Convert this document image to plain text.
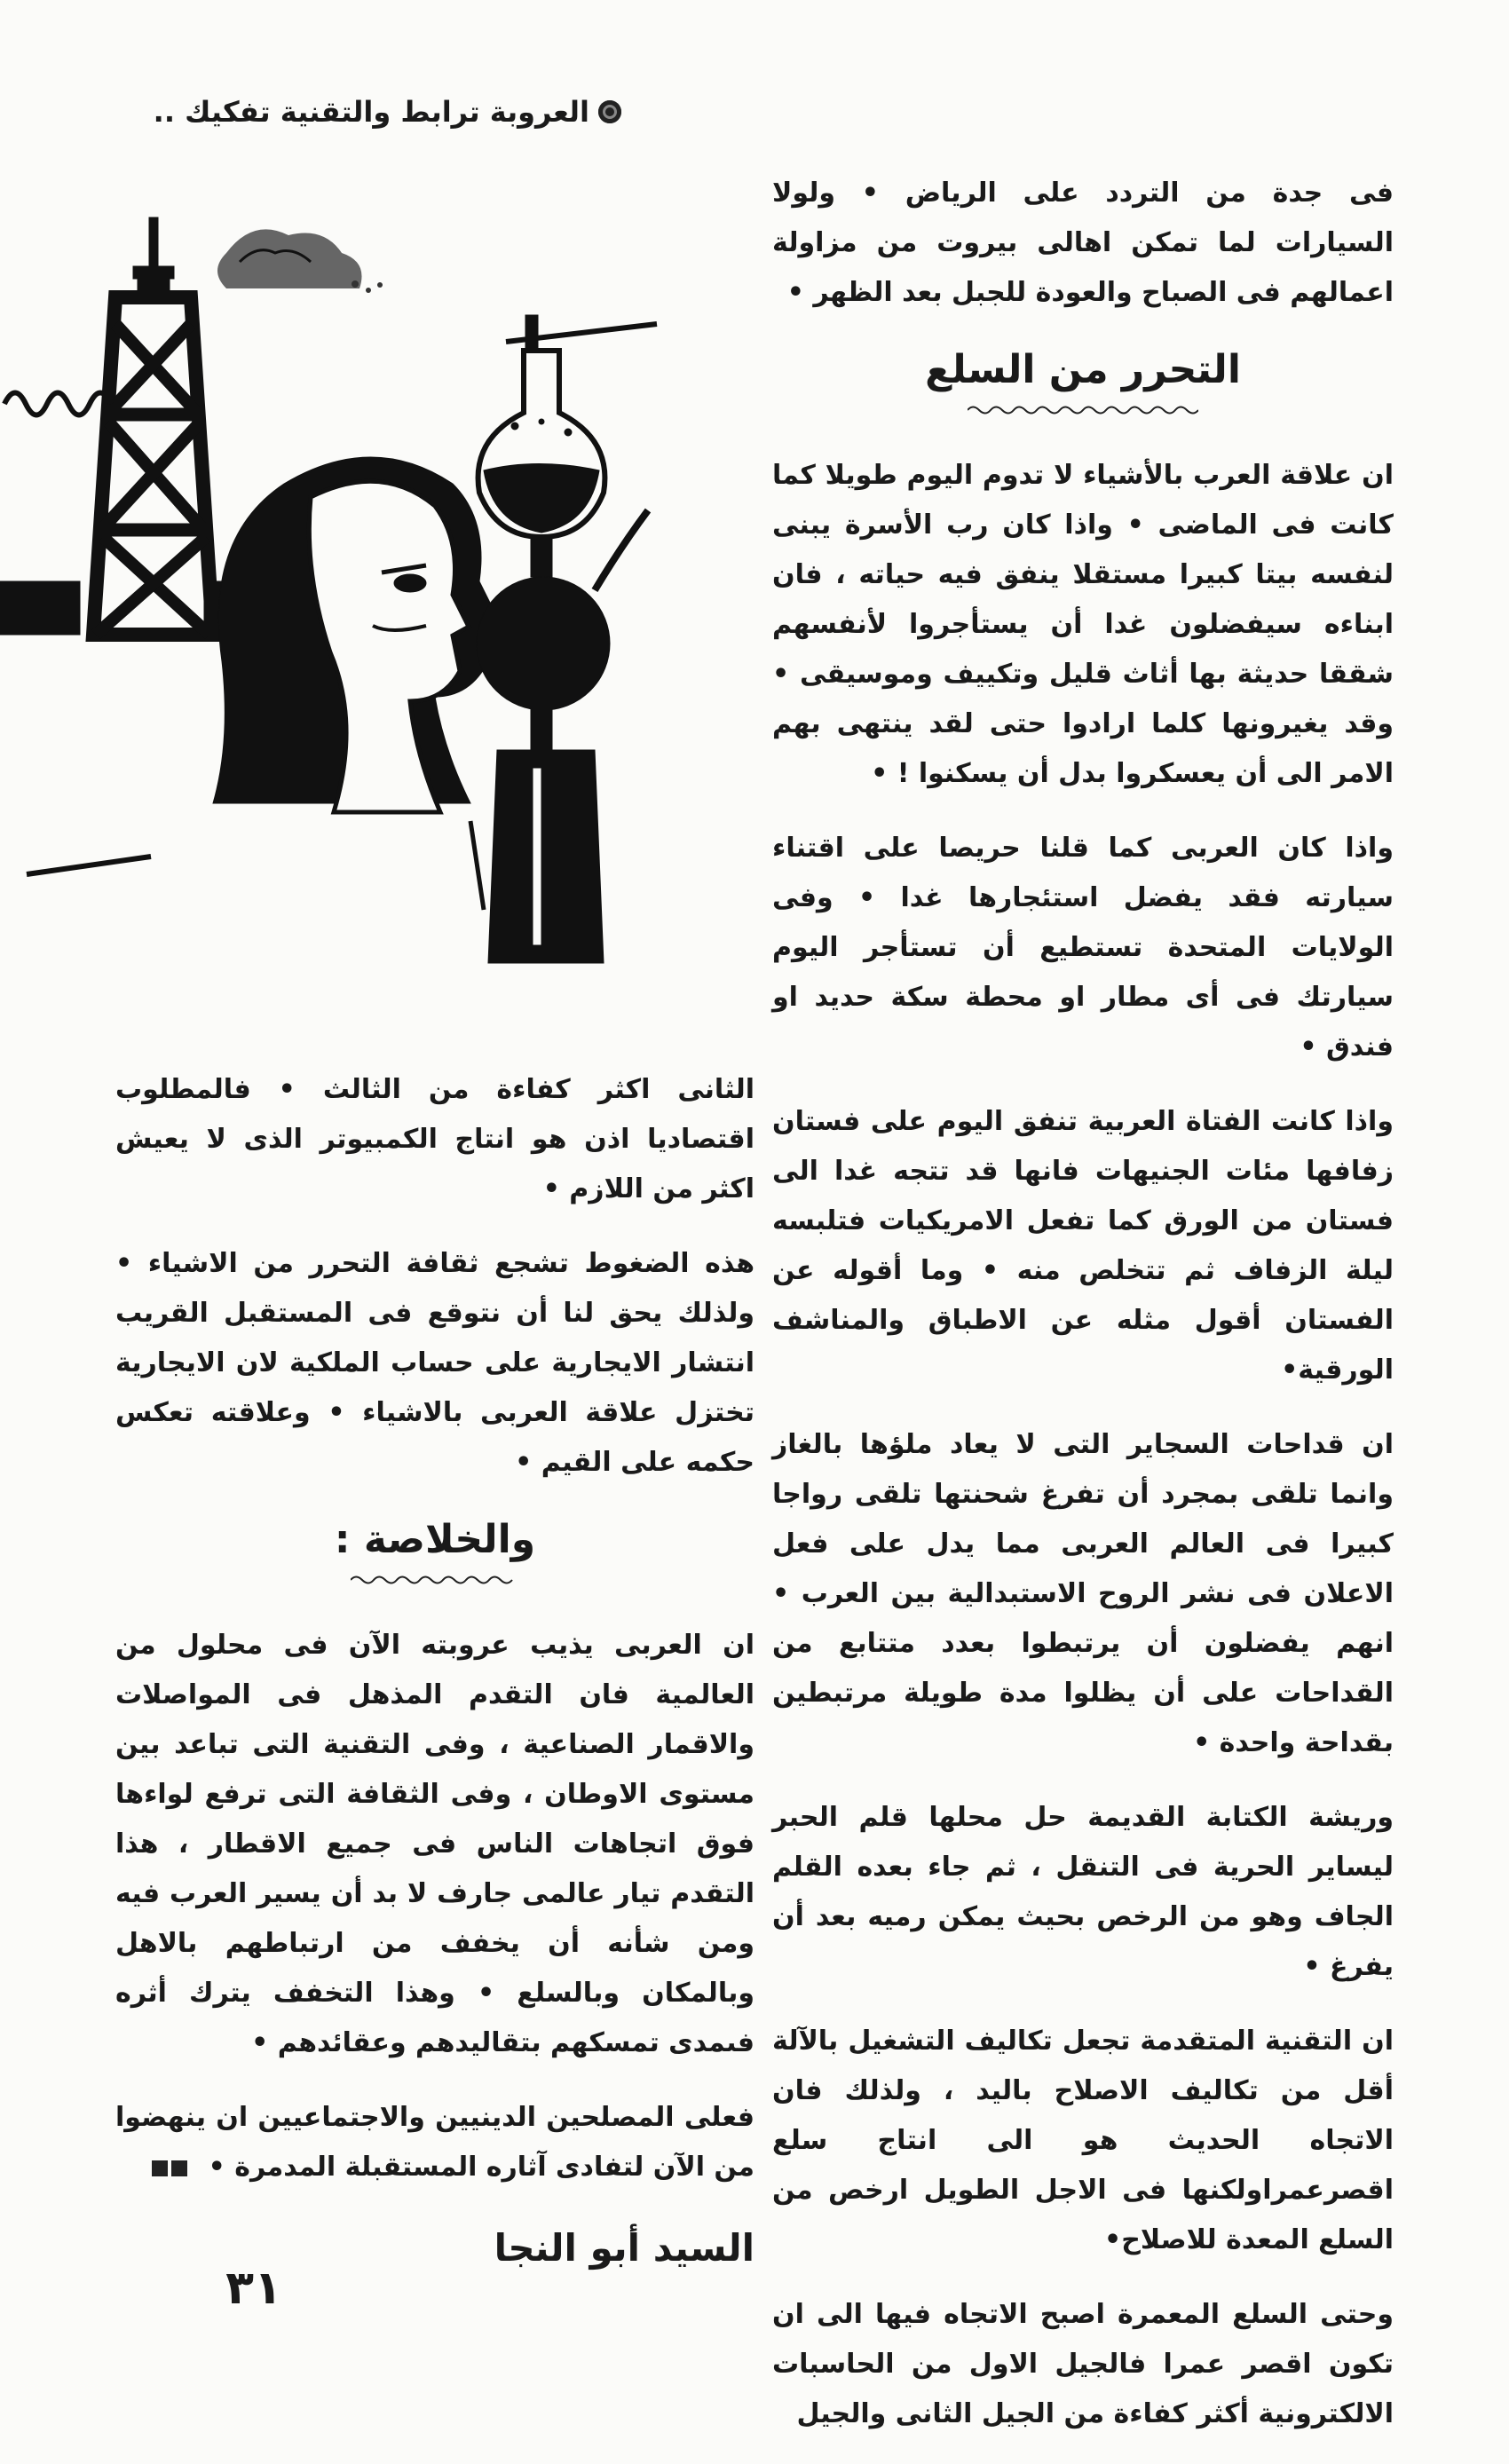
العروبة ترابط والتقنية تفكيك ..

فى جدة من التردد على الرياض • ولولا السيارات لما تمكن اهالى بيروت من مزاولة اعمالهم فى الصباح والعودة للجبل بعد الظهر •

التحرر من السلع

ان علاقة العرب بالأشياء لا تدوم اليوم طويلا كما كانت فى الماضى • واذا كان رب الأسرة يبنى لنفسه بيتا كبيرا مستقلا ينفق فيه حياته ، فان ابناءه سيفضلون غدا أن يستأجروا لأنفسهم شققا حديثة بها أثاث قليل وتكييف وموسيقى • وقد يغيرونها كلما ارادوا حتى لقد ينتهى بهم الامر الى أن يعسكروا بدل أن يسكنوا ! •

واذا كان العربى كما قلنا حريصا على اقتناء سيارته فقد يفضل استئجارها غدا • وفى الولايات المتحدة تستطيع أن تستأجر اليوم سيارتك فى أى مطار او محطة سكة حديد او فندق •

واذا كانت الفتاة العربية تنفق اليوم على فستان زفافها مئات الجنيهات فانها قد تتجه غدا الى فستان من الورق كما تفعل الامريكيات فتلبسه ليلة الزفاف ثم تتخلص منه • وما أقوله عن الفستان أقول مثله عن الاطباق والمناشف الورقية•

ان قداحات السجاير التى لا يعاد ملؤها بالغاز وانما تلقى بمجرد أن تفرغ شحنتها تلقى رواجا كبيرا فى العالم العربى مما يدل على فعل الاعلان فى نشر الروح الاستبدالية بين العرب • انهم يفضلون أن يرتبطوا بعدد متتابع من القداحات على أن يظلوا مدة طويلة مرتبطين بقداحة واحدة •

وريشة الكتابة القديمة حل محلها قلم الحبر ليساير الحرية فى التنقل ، ثم جاء بعده القلم الجاف وهو من الرخص بحيث يمكن رميه بعد أن يفرغ •

ان التقنية المتقدمة تجعل تكاليف التشغيل بالآلة أقل من تكاليف الاصلاح باليد ، ولذلك فان الاتجاه الحديث هو الى انتاج سلع اقصرعمراولكنها فى الاجل الطويل ارخص من السلع المعدة للاصلاح•

وحتى السلع المعمرة اصبح الاتجاه فيها الى ان تكون اقصر عمرا فالجيل الاول من الحاسبات الالكترونية أكثر كفاءة من الجيل الثانى والجيل

الثانى اكثر كفاءة من الثالث • فالمطلوب اقتصاديا اذن هو انتاج الكمبيوتر الذى لا يعيش اكثر من اللازم •

هذه الضغوط تشجع ثقافة التحرر من الاشياء • ولذلك يحق لنا أن نتوقع فى المستقبل القريب انتشار الايجارية على حساب الملكية لان الايجارية تختزل علاقة العربى بالاشياء • وعلاقته تعكس حكمه على القيم •

والخلاصة :

ان العربى يذيب عروبته الآن فى محلول من العالمية فان التقدم المذهل فى المواصلات والاقمار الصناعية ، وفى التقنية التى تباعد بين مستوى الاوطان ، وفى الثقافة التى ترفع لواءها فوق اتجاهات الناس فى جميع الاقطار ، هذا التقدم تيار عالمى جارف لا بد أن يسير العرب فيه ومن شأنه أن يخفف من ارتباطهم بالاهل وبالمكان وبالسلع • وهذا التخفف يترك أثره فىمدى تمسكهم بتقاليدهم وعقائدهم •

فعلى المصلحين الدينيين والاجتماعيين ان ينهضوا من الآن لتفادى آثاره المستقبلة المدمرة •

السيد أبو النجا
٣١
